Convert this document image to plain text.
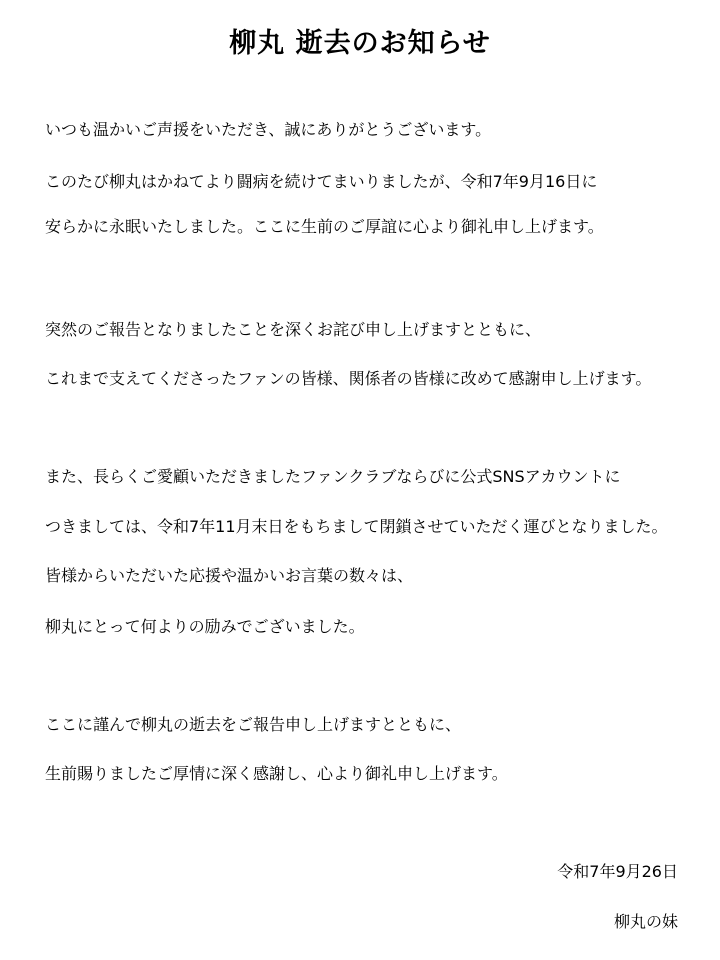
柳丸 逝去のお知らせ
いつも温かいご声援をいただき、誠にありがとうございます。
このたび柳丸はかねてより闘病を続けてまいりましたが、令和7年9月16日に
安らかに永眠いたしました。ここに生前のご厚誼に心より御礼申し上げます。
突然のご報告となりましたことを深くお詫び申し上げますとともに、
これまで支えてくださったファンの皆様、関係者の皆様に改めて感謝申し上げます。
また、長らくご愛顧いただきましたファンクラブならびに公式SNSアカウントに
つきましては、令和7年11月末日をもちまして閉鎖させていただく運びとなりました。
皆様からいただいた応援や温かいお言葉の数々は、
柳丸にとって何よりの励みでございました。
ここに謹んで柳丸の逝去をご報告申し上げますとともに、
生前賜りましたご厚情に深く感謝し、心より御礼申し上げます。
令和7年9月26日
柳丸の妹
